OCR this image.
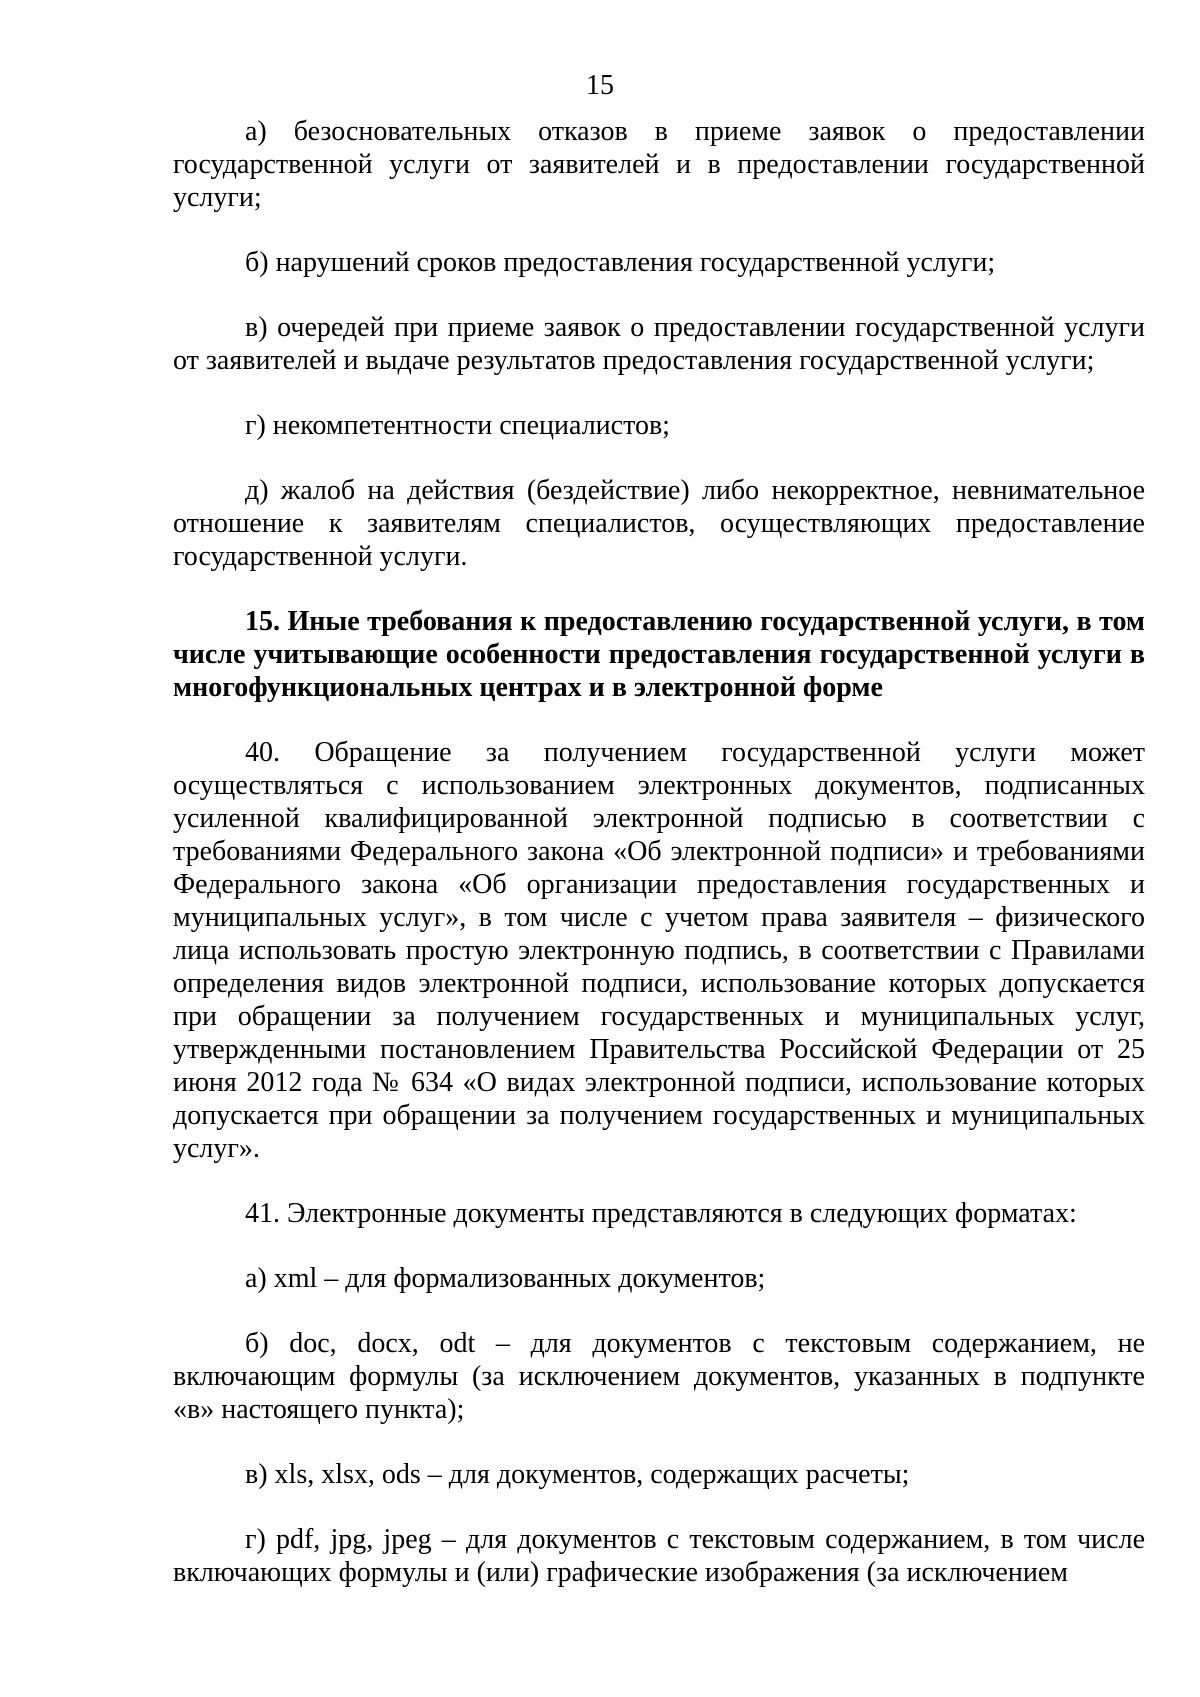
15

а) безосновательных отказов в приеме заявок о предоставлении государственной услуги от заявителей и в предоставлении государственной услуги;

б) нарушений сроков предоставления государственной услуги;

в) очередей при приеме заявок о предоставлении государственной услуги от заявителей и выдаче результатов предоставления государственной услуги;

г) некомпетентности специалистов;

д) жалоб на действия (бездействие) либо некорректное, невнимательное отношение к заявителям специалистов, осуществляющих предоставление государственной услуги.

15. Иные требования к предоставлению государственной услуги, в том числе учитывающие особенности предоставления государственной услуги в многофункциональных центрах и в электронной форме

40. Обращение за получением государственной услуги может осуществляться с использованием электронных документов, подписанных усиленной квалифицированной электронной подписью в соответствии с требованиями Федерального закона «Об электронной подписи» и требованиями Федерального закона «Об организации предоставления государственных и муниципальных услуг», в том числе с учетом права заявителя – физического лица использовать простую электронную подпись, в соответствии с Правилами определения видов электронной подписи, использование которых допускается при обращении за получением государственных и муниципальных услуг, утвержденными постановлением Правительства Российской Федерации от 25 июня 2012 года № 634 «О видах электронной подписи, использование которых допускается при обращении за получением государственных и муниципальных услуг».

41. Электронные документы представляются в следующих форматах:

а) xml – для формализованных документов;

б) doc, docx, odt – для документов с текстовым содержанием, не включающим формулы (за исключением документов, указанных в подпункте «в» настоящего пункта);

в) xls, xlsx, ods – для документов, содержащих расчеты;

г) pdf, jpg, jpeg – для документов с текстовым содержанием, в том числе включающих формулы и (или) графические изображения (за исключением
